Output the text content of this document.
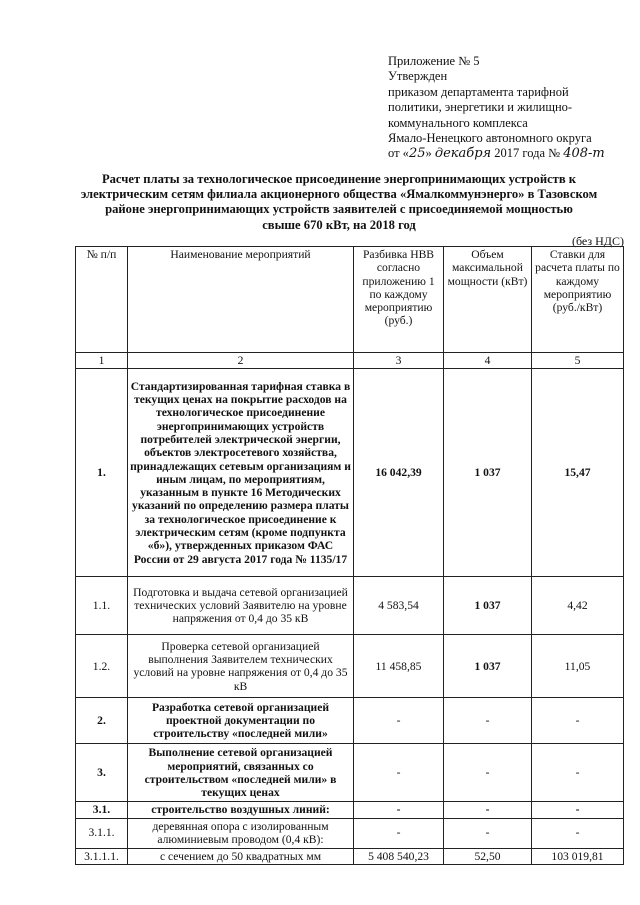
Приложение № 5
Утвержден
приказом департамента тарифной
политики, энергетики и жилищно-
коммунального комплекса
Ямало-Ненецкого автономного округа
от «25» декабря 2017 года № 408-т
Расчет платы за технологическое присоединение энергопринимающих устройств к
электрическим сетям филиала акционерного общества «Ямалкоммунэнерго» в Тазовском
районе энергопринимающих устройств заявителей с присоединяемой мощностью
свыше 670 кВт, на 2018 год
(без НДС)
№ п/п	Наименование мероприятий	Разбивка НВВ согласно приложению 1 по каждому мероприятию (руб.)	Объем максимальной мощности (кВт)	Ставки для расчета платы по каждому мероприятию (руб./кВт)
1	2	3	4	5
1.	Стандартизированная тарифная ставка в текущих ценах на покрытие расходов на технологическое присоединение энергопринимающих устройств потребителей электрической энергии, объектов электросетевого хозяйства, принадлежащих сетевым организациям и иным лицам, по мероприятиям, указанным в пункте 16 Методических указаний по определению размера платы за технологическое присоединение к электрическим сетям (кроме подпункта «б»), утвержденных приказом ФАС России от 29 августа 2017 года № 1135/17	16 042,39	1 037	15,47
1.1.	Подготовка и выдача сетевой организацией технических условий Заявителю на уровне напряжения от 0,4 до 35 кВ	4 583,54	1 037	4,42
1.2.	Проверка сетевой организацией выполнения Заявителем технических условий на уровне напряжения от 0,4 до 35 кВ	11 458,85	1 037	11,05
2.	Разработка сетевой организацией проектной документации по строительству «последней мили»	-	-	-
3.	Выполнение сетевой организацией мероприятий, связанных со строительством «последней мили» в текущих ценах	-	-	-
3.1.	строительство воздушных линий:	-	-	-
3.1.1.	деревянная опора с изолированным алюминиевым проводом (0,4 кВ):	-	-	-
3.1.1.1.	с сечением до 50 квадратных мм	5 408 540,23	52,50	103 019,81
